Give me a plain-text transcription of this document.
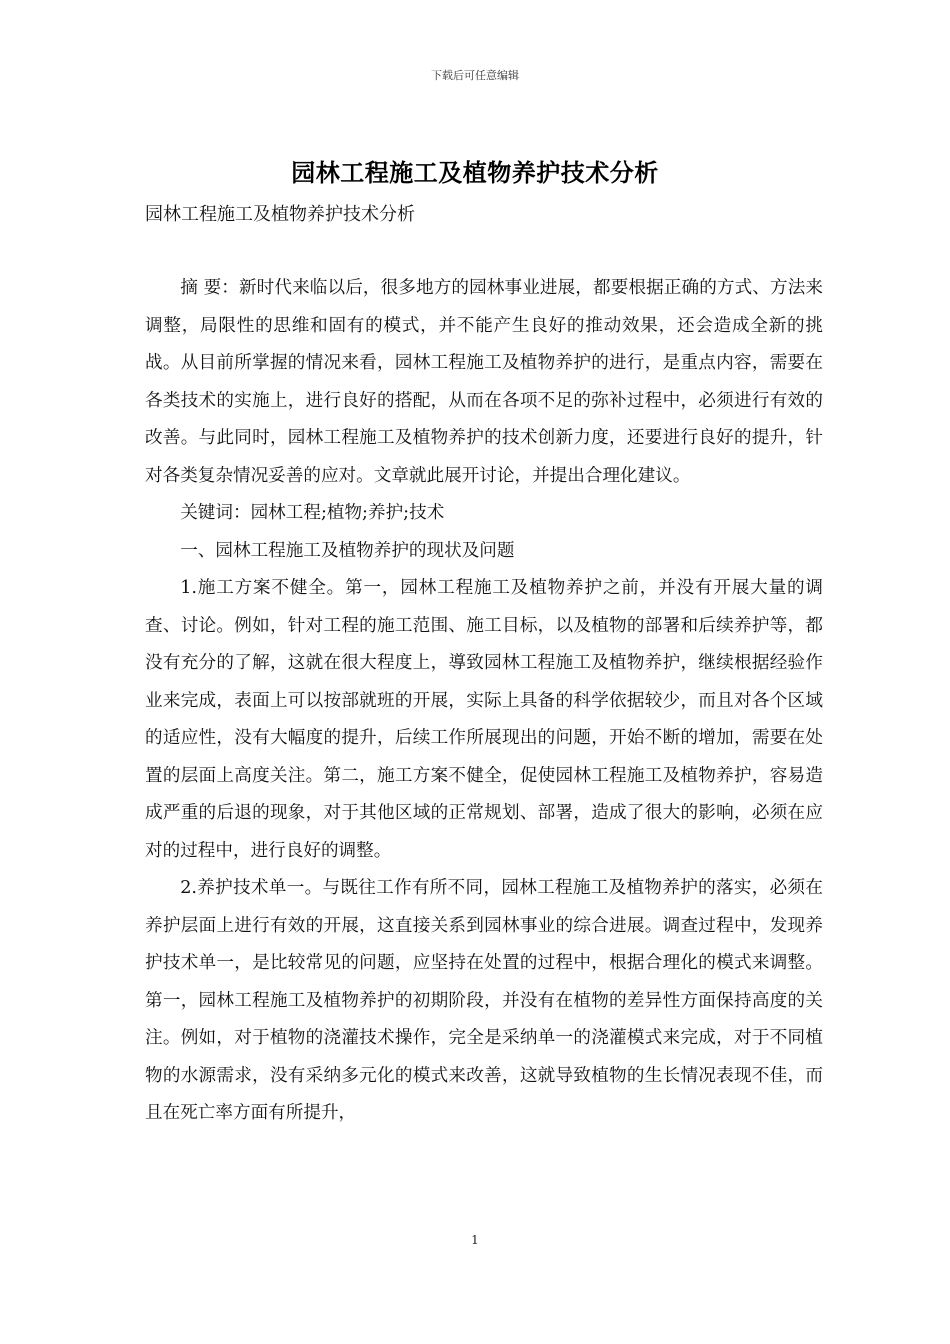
下载后可任意编辑
园林工程施工及植物养护技术分析
园林工程施工及植物养护技术分析

摘 要：新时代来临以后，很多地方的园林事业进展，都要根据正确的方式、方法来调整，局限性的思维和固有的模式，并不能产生良好的推动效果，还会造成全新的挑战。从目前所掌握的情况来看，园林工程施工及植物养护的进行，是重点内容，需要在各类技术的实施上，进行良好的搭配，从而在各项不足的弥补过程中，必须进行有效的改善。与此同时，园林工程施工及植物养护的技术创新力度，还要进行良好的提升，针对各类复杂情况妥善的应对。文章就此展开讨论，并提出合理化建议。

关键词：园林工程;植物;养护;技术

一、园林工程施工及植物养护的现状及问题

1.施工方案不健全。第一，园林工程施工及植物养护之前，并没有开展大量的调查、讨论。例如，针对工程的施工范围、施工目标，以及植物的部署和后续养护等，都没有充分的了解，这就在很大程度上，導致园林工程施工及植物养护，继续根据经验作业来完成，表面上可以按部就班的开展，实际上具备的科学依据较少，而且对各个区域的适应性，没有大幅度的提升，后续工作所展现出的问题，开始不断的增加，需要在处置的层面上高度关注。第二，施工方案不健全，促使园林工程施工及植物养护，容易造成严重的后退的现象，对于其他区域的正常规划、部署，造成了很大的影响，必须在应对的过程中，进行良好的调整。

2.养护技术单一。与既往工作有所不同，园林工程施工及植物养护的落实，必须在养护层面上进行有效的开展，这直接关系到园林事业的综合进展。调查过程中，发现养护技术单一，是比较常见的问题，应坚持在处置的过程中，根据合理化的模式来调整。第一，园林工程施工及植物养护的初期阶段，并没有在植物的差异性方面保持高度的关注。例如，对于植物的浇灌技术操作，完全是采纳单一的浇灌模式来完成，对于不同植物的水源需求，没有采纳多元化的模式来改善，这就导致植物的生长情况表现不佳，而且在死亡率方面有所提升，

1
